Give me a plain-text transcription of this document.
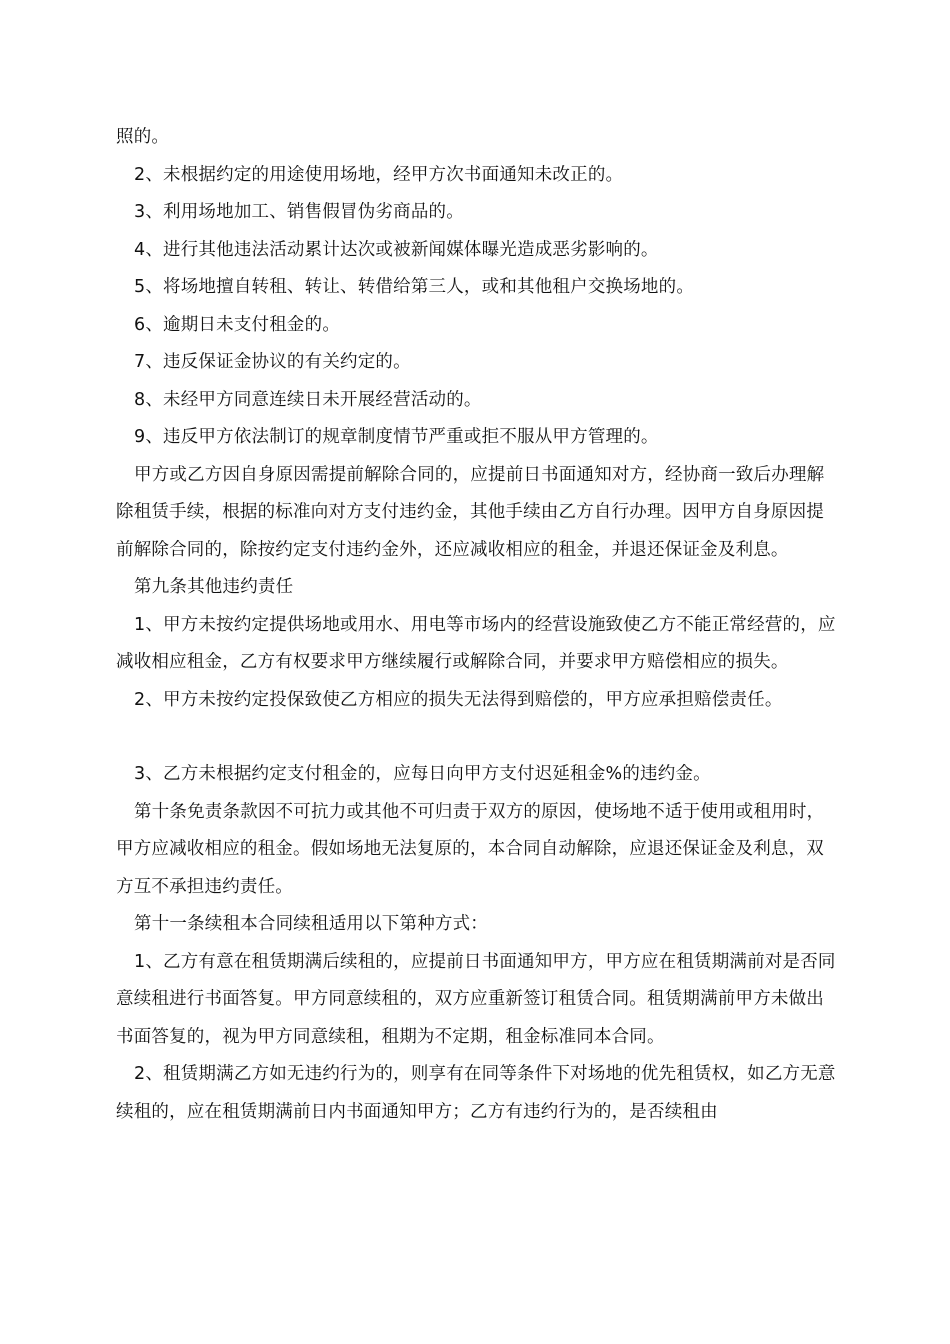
照的。

2、未根据约定的用途使用场地，经甲方次书面通知未改正的。

3、利用场地加工、销售假冒伪劣商品的。

4、进行其他违法活动累计达次或被新闻媒体曝光造成恶劣影响的。

5、将场地擅自转租、转让、转借给第三人，或和其他租户交换场地的。

6、逾期日未支付租金的。

7、违反保证金协议的有关约定的。

8、未经甲方同意连续日未开展经营活动的。

9、违反甲方依法制订的规章制度情节严重或拒不服从甲方管理的。

甲方或乙方因自身原因需提前解除合同的，应提前日书面通知对方，经协商一致后办理解除租赁手续，根据的标准向对方支付违约金，其他手续由乙方自行办理。因甲方自身原因提前解除合同的，除按约定支付违约金外，还应减收相应的租金，并退还保证金及利息。

第九条其他违约责任

1、甲方未按约定提供场地或用水、用电等市场内的经营设施致使乙方不能正常经营的，应减收相应租金，乙方有权要求甲方继续履行或解除合同，并要求甲方赔偿相应的损失。

2、甲方未按约定投保致使乙方相应的损失无法得到赔偿的，甲方应承担赔偿责任。

3、乙方未根据约定支付租金的，应每日向甲方支付迟延租金%的违约金。

第十条免责条款因不可抗力或其他不可归责于双方的原因，使场地不适于使用或租用时，甲方应减收相应的租金。假如场地无法复原的，本合同自动解除，应退还保证金及利息，双方互不承担违约责任。

第十一条续租本合同续租适用以下第种方式：

1、乙方有意在租赁期满后续租的，应提前日书面通知甲方，甲方应在租赁期满前对是否同意续租进行书面答复。甲方同意续租的，双方应重新签订租赁合同。租赁期满前甲方未做出书面答复的，视为甲方同意续租，租期为不定期，租金标准同本合同。

2、租赁期满乙方如无违约行为的，则享有在同等条件下对场地的优先租赁权，如乙方无意续租的，应在租赁期满前日内书面通知甲方；乙方有违约行为的，是否续租由
